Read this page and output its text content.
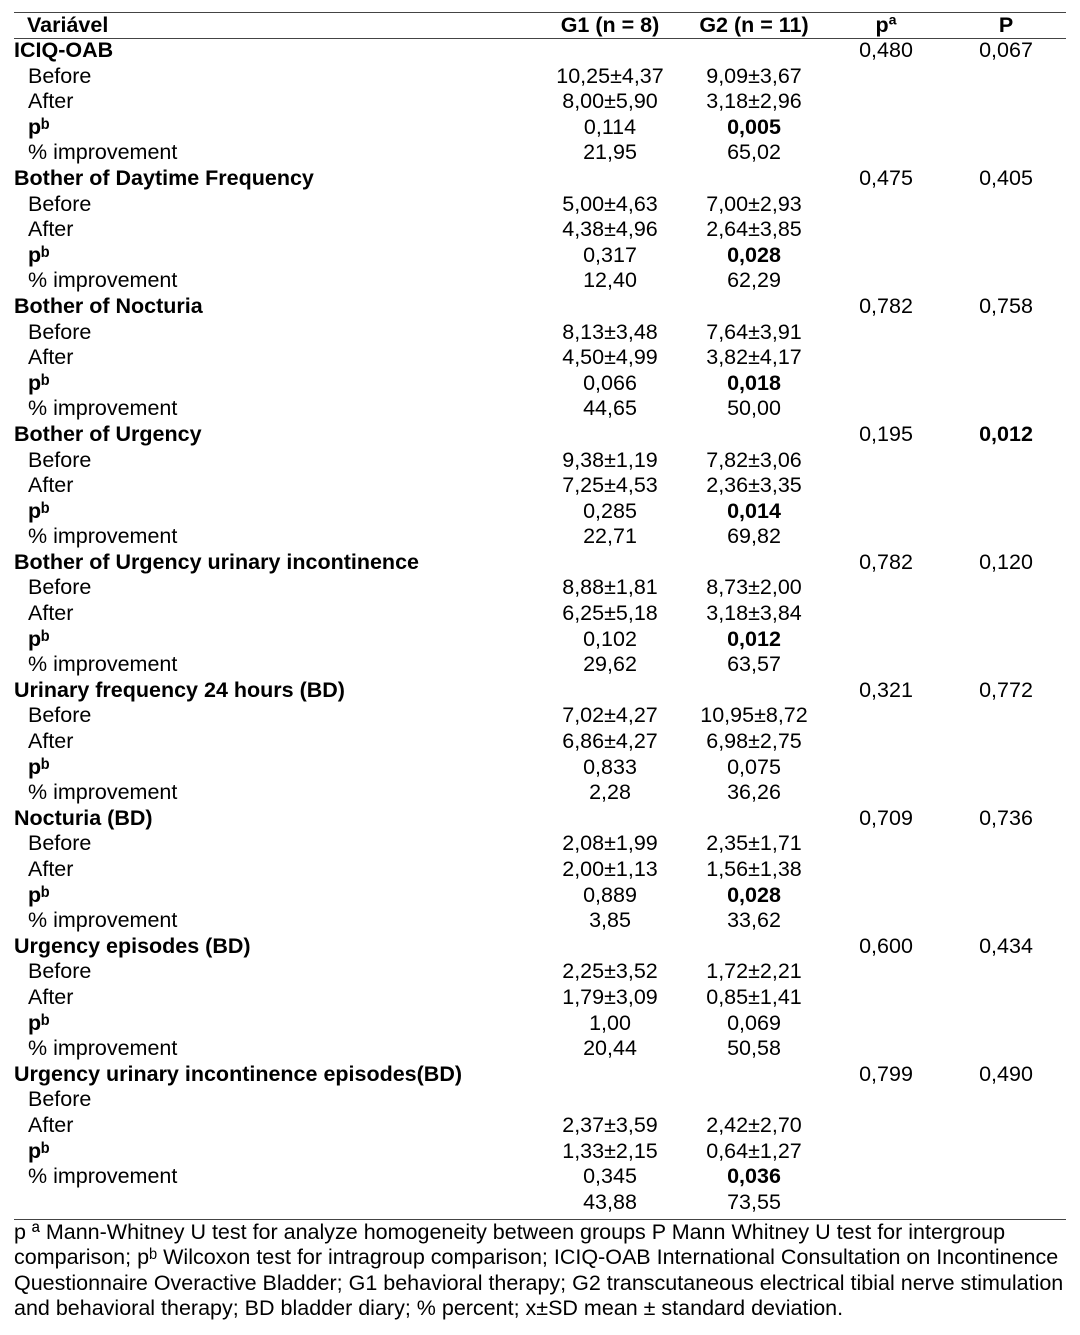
Variável	G1 (n = 8)	G2 (n = 11)	pª	P
ICIQ-OAB			0,480	0,067
Before	10,25±4,37	9,09±3,67		
After	8,00±5,90	3,18±2,96		
pᵇ	0,114	0,005		
% improvement	21,95	65,02		
Bother of Daytime Frequency			0,475	0,405
Before	5,00±4,63	7,00±2,93		
After	4,38±4,96	2,64±3,85		
pᵇ	0,317	0,028		
% improvement	12,40	62,29		
Bother of Nocturia			0,782	0,758
Before	8,13±3,48	7,64±3,91		
After	4,50±4,99	3,82±4,17		
pᵇ	0,066	0,018		
% improvement	44,65	50,00		
Bother of Urgency			0,195	0,012
Before	9,38±1,19	7,82±3,06		
After	7,25±4,53	2,36±3,35		
pᵇ	0,285	0,014		
% improvement	22,71	69,82		
Bother of Urgency urinary incontinence			0,782	0,120
Before	8,88±1,81	8,73±2,00		
After	6,25±5,18	3,18±3,84		
pᵇ	0,102	0,012		
% improvement	29,62	63,57		
Urinary frequency 24 hours (BD)			0,321	0,772
Before	7,02±4,27	10,95±8,72		
After	6,86±4,27	6,98±2,75		
pᵇ	0,833	0,075		
% improvement	2,28	36,26		
Nocturia (BD)			0,709	0,736
Before	2,08±1,99	2,35±1,71		
After	2,00±1,13	1,56±1,38		
pᵇ	0,889	0,028		
% improvement	3,85	33,62		
Urgency episodes (BD)			0,600	0,434
Before	2,25±3,52	1,72±2,21		
After	1,79±3,09	0,85±1,41		
pᵇ	1,00	0,069		
% improvement	20,44	50,58		
Urgency urinary incontinence episodes(BD)			0,799	0,490
Before				
After	2,37±3,59	2,42±2,70		
pᵇ	1,33±2,15	0,64±1,27		
% improvement	0,345	0,036		
	43,88	73,55		
p ª Mann-Whitney U test for analyze homogeneity between groups P Mann Whitney U test for intergroup comparison; pᵇ Wilcoxon test for intragroup comparison; ICIQ-OAB International Consultation on Incontinence Questionnaire Overactive Bladder; G1 behavioral therapy; G2 transcutaneous electrical tibial nerve stimulation and behavioral therapy; BD bladder diary; % percent; x±SD mean ± standard deviation.
